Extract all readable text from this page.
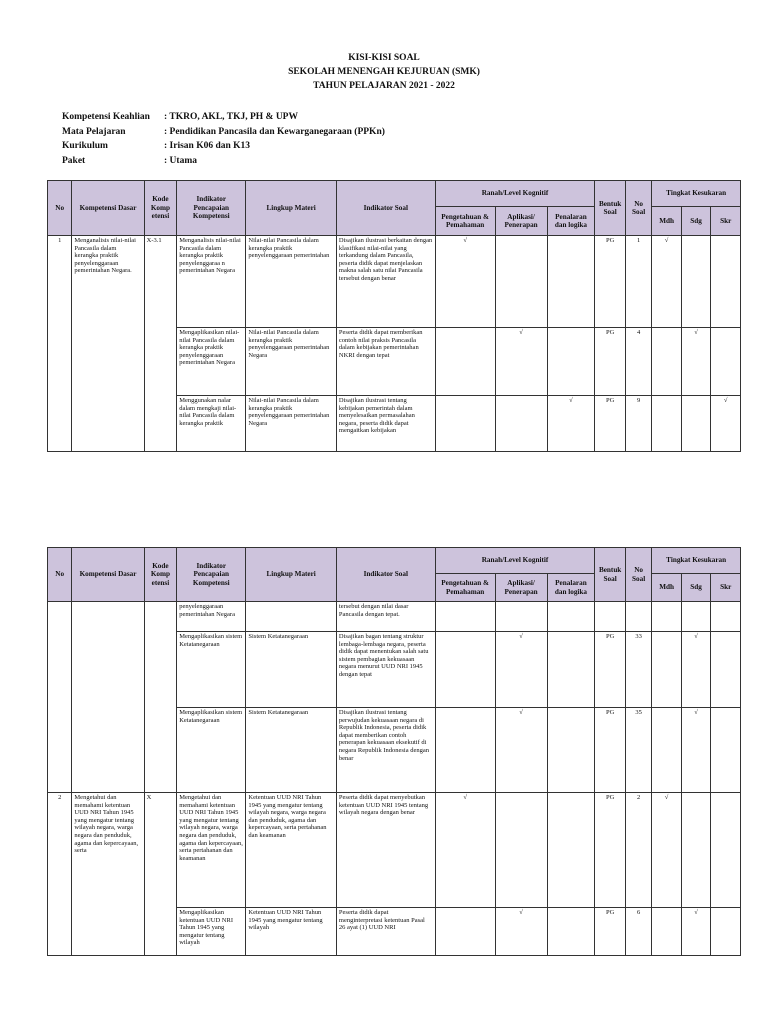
KISI-KISI SOAL
SEKOLAH MENENGAH KEJURUAN (SMK)
TAHUN PELAJARAN 2021 - 2022
Kompetensi Keahlian	: TKRO, AKL, TKJ, PH & UPW
Mata Pelajaran	: Pendidikan Pancasila dan Kewarganegaraan (PPKn)
Kurikulum	: Irisan K06 dan K13
Paket	: Utama
No	Kompetensi Dasar	Kode Komp etensi	Indikator Pencapaian Kompetensi	Lingkup Materi	Indikator Soal	Ranah/Level Kognitif			Bentuk Soal	No Soal	Tingkat Kesukaran		
						Pengetahuan & Pemahaman	Aplikasi/ Penerapan	Penalaran dan logika			Mdh	Sdg	Skr
1	Menganalisis nilai-nilai Pancasila dalam kerangka praktik penyelenggaraan pemerintahan Negara.	X-3.1	Menganalisis nilai-nilai Pancasila dalam kerangka praktik penyelenggaraa n pemerintahan Negara	Nilai-nilai Pancasila dalam kerangka praktik penyelenggaraan pemerintahan	Disajikan ilustrasi berkaitan dengan klasifikasi nilai-nilai yang terkandung dalam Pancasila, peserta didik dapat menjelaskan makna salah satu nilai Pancasila tersebut dengan benar	√			PG	1	√		
			Mengaplikasikan nilai-nilai Pancasila dalam kerangka praktik penyelenggaraan pemerintahan Negara	Nilai-nilai Pancasila dalam kerangka praktik penyelenggaraan pemerintahan Negara	Peserta didik dapat memberikan contoh nilai praksis Pancasila dalam kebijakan pemerintahan NKRI dengan tepat		√		PG	4		√	
			Menggunakan nalar dalam mengkaji nilai-nilai Pancasila dalam kerangka praktik	Nilai-nilai Pancasila dalam kerangka praktik penyelenggaraan pemerintahan Negara	Disajikan ilustrasi tentang kebijakan pemerintah dalam menyelesaikan permasalahan negara, peserta didik dapat mengaitkan kebijakan			√	PG	9			√
No	Kompetensi Dasar	Kode Komp etensi	Indikator Pencapaian Kompetensi	Lingkup Materi	Indikator Soal	Ranah/Level Kognitif			Bentuk Soal	No Soal	Tingkat Kesukaran		
						Pengetahuan & Pemahaman	Aplikasi/ Penerapan	Penalaran dan logika			Mdh	Sdg	Skr
			penyelenggaraan pemerintahan Negara		tersebut dengan nilai dasar Pancasila dengan tepat.								
			Mengaplikasikan sistem Ketatanegaraan	Sistem Ketatanegaraan	Disajikan bagan tentang struktur lembaga-lembaga negara, peserta didik dapat menentukan salah satu sistem pembagian kekuasaan negara menurut UUD NRI 1945 dengan tepat		√		PG	33		√	
			Mengaplikasikan sistem Ketatanegaraan	Sistem Ketatanegaraan	Disajikan ilustrasi tentang perwujudan kekuasaan negara di Republik Indonesia, peserta didik dapat memberikan contoh penerapan kekuasaan eksekutif di negara Republik Indonesia dengan benar		√		PG	35		√	
2	Mengetahui dan memahami ketentuan UUD NRI Tahun 1945 yang mengatur tentang wilayah negara, warga negara dan penduduk, agama dan kepercayaan, serta	X	Mengetahui dan memahami ketentuan UUD NRI Tahun 1945 yang mengatur tentang wilayah negara, warga negara dan penduduk, agama dan kepercayaan, serta pertahanan dan keamanan	Ketentuan UUD NRI Tahun 1945 yang mengatur tentang wilayah negara, warga negara dan penduduk, agama dan kepercayaan, serta pertahanan dan keamanan	Peserta didik dapat menyebutkan ketentuan UUD NRI 1945 tentang wilayah negara dengan benar	√			PG	2	√		
			Mengaplikasikan ketentuan UUD NRI Tahun 1945 yang mengatur tentang wilayah	Ketentuan UUD NRI Tahun 1945 yang mengatur tentang wilayah	Peserta didik dapat menginterpretasi ketentuan Pasal 26 ayat (1) UUD NRI		√		PG	6		√	
